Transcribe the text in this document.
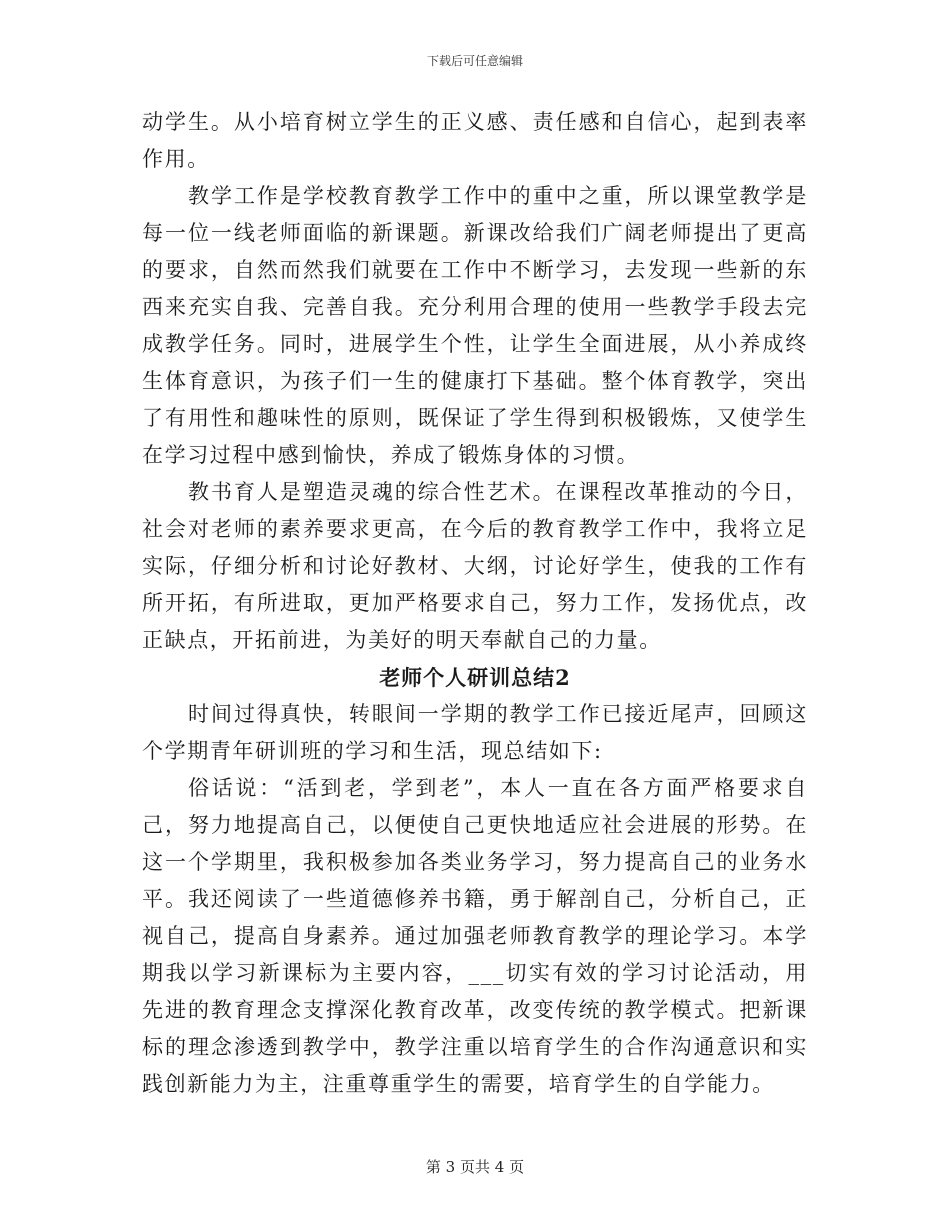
下载后可任意编辑

动学生。从小培育树立学生的正义感、责任感和自信心，起到表率作用。

教学工作是学校教育教学工作中的重中之重，所以课堂教学是每一位一线老师面临的新课题。新课改给我们广阔老师提出了更高的要求，自然而然我们就要在工作中不断学习，去发现一些新的东西来充实自我、完善自我。充分利用合理的使用一些教学手段去完成教学任务。同时，进展学生个性，让学生全面进展，从小养成终生体育意识，为孩子们一生的健康打下基础。整个体育教学，突出了有用性和趣味性的原则，既保证了学生得到积极锻炼，又使学生在学习过程中感到愉快，养成了锻炼身体的习惯。

教书育人是塑造灵魂的综合性艺术。在课程改革推动的今日，社会对老师的素养要求更高，在今后的教育教学工作中，我将立足实际，仔细分析和讨论好教材、大纲，讨论好学生，使我的工作有所开拓，有所进取，更加严格要求自己，努力工作，发扬优点，改正缺点，开拓前进，为美好的明天奉献自己的力量。

老师个人研训总结2

时间过得真快，转眼间一学期的教学工作已接近尾声，回顾这个学期青年研训班的学习和生活，现总结如下:

俗话说：“活到老，学到老”，本人一直在各方面严格要求自己，努力地提高自己，以便使自己更快地适应社会进展的形势。在这一个学期里，我积极参加各类业务学习，努力提高自己的业务水平。我还阅读了一些道德修养书籍，勇于解剖自己，分析自己，正视自己，提高自身素养。通过加强老师教育教学的理论学习。本学期我以学习新课标为主要内容，___切实有效的学习讨论活动，用先进的教育理念支撑深化教育改革，改变传统的教学模式。把新课标的理念渗透到教学中，教学注重以培育学生的合作沟通意识和实践创新能力为主，注重尊重学生的需要，培育学生的自学能力。

第 3 页共 4 页
